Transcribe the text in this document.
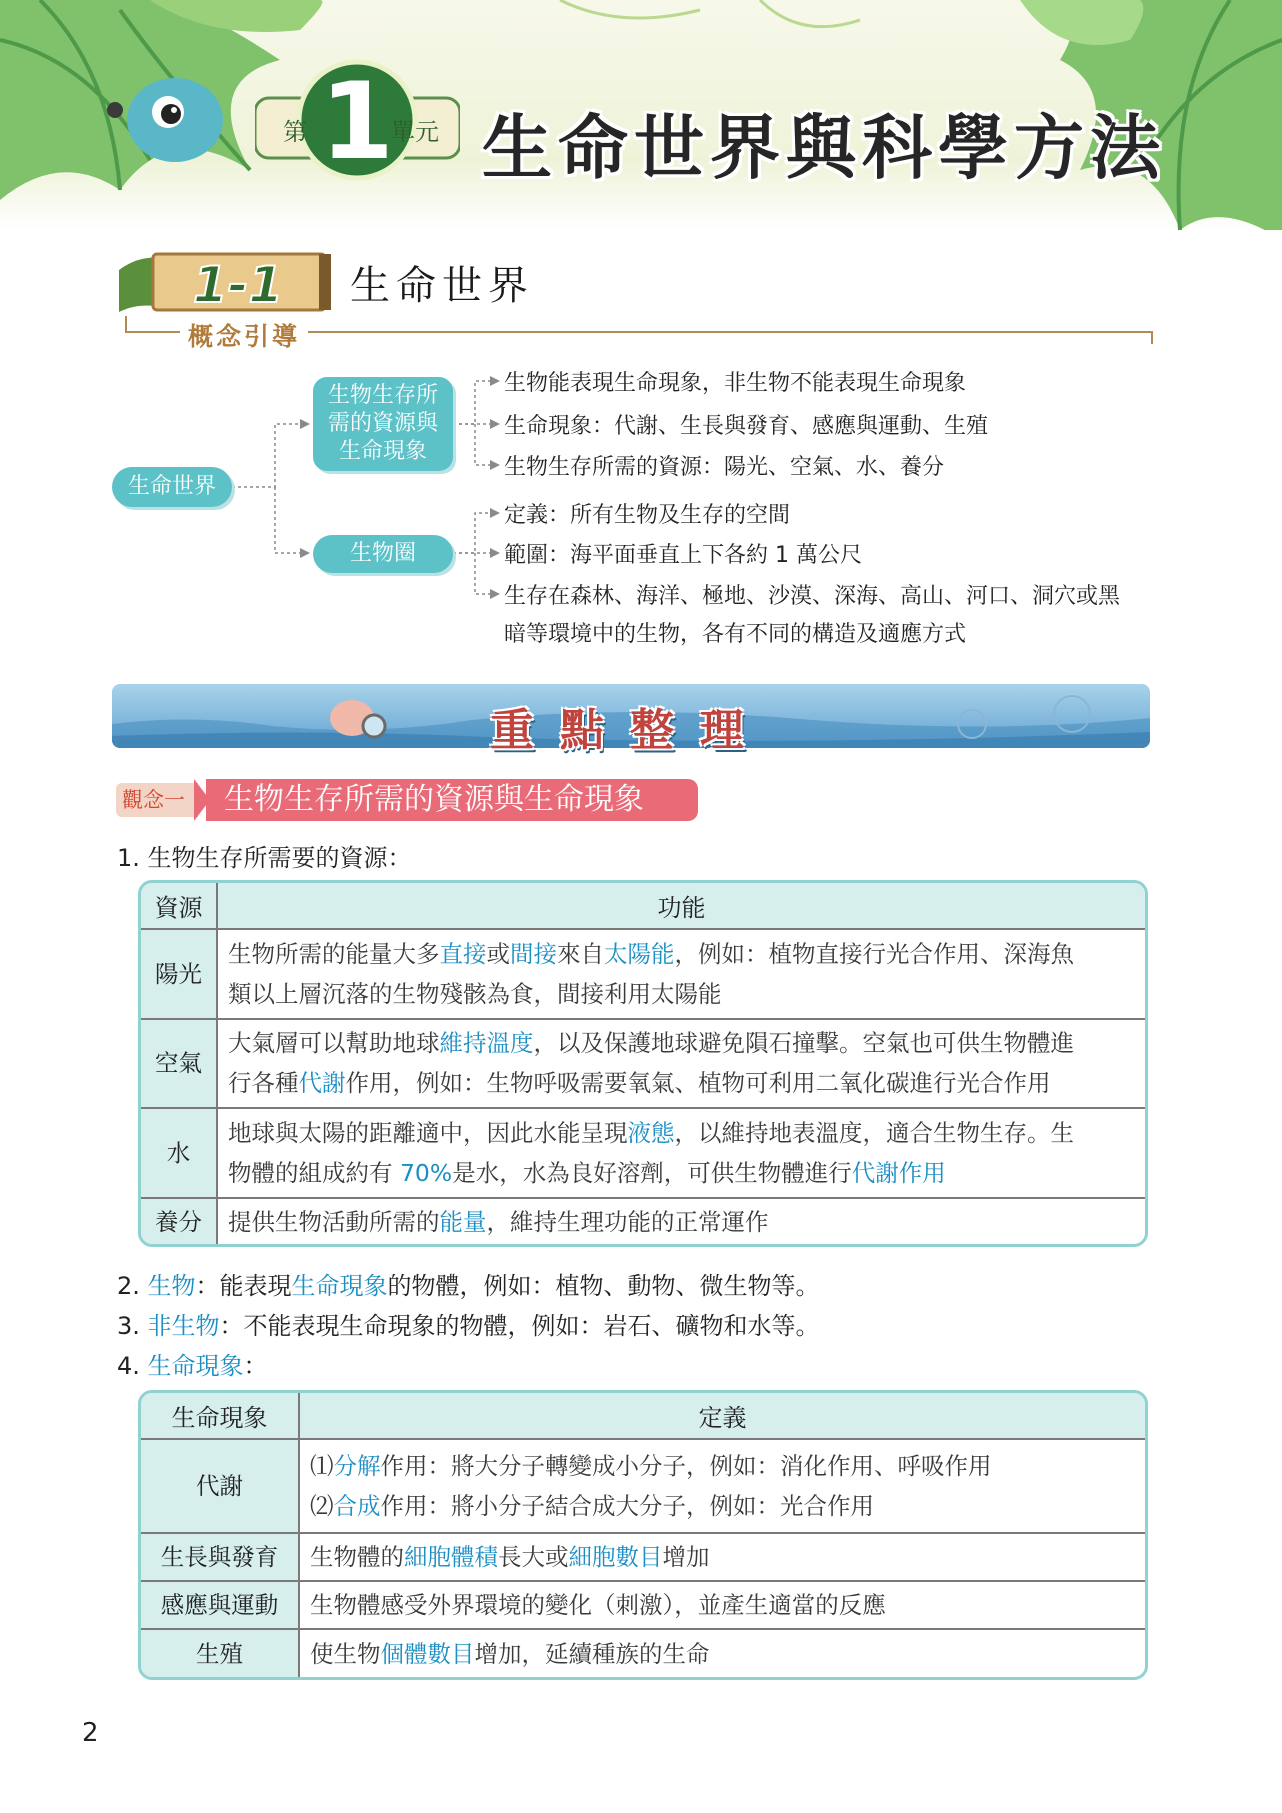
第 1
單元 生命世界與科學方法
1-1 生命世界
概念引導
生命世界
生物生存所需的資源與生命現象
生物圈
生物能表現生命現象，非生物不能表現生命現象
生命現象：代謝、生長與發育、感應與運動、生殖
生物生存所需的資源：陽光、空氣、水、養分
定義：所有生物及生存的空間
範圍：海平面垂直上下各約 1 萬公尺
生存在森林、海洋、極地、沙漠、深海、高山、河口、洞穴或黑
暗等環境中的生物，各有不同的構造及適應方式
重點整理
觀念一	生物生存所需的資源與生命現象
1. 生物生存所需要的資源：
資源	功能
陽光	生物所需的能量大多直接或間接來自太陽能，例如：植物直接行光合作用、深海魚
類以上層沉落的生物殘骸為食，間接利用太陽能
空氣	大氣層可以幫助地球維持溫度，以及保護地球避免隕石撞擊。空氣也可供生物體進
行各種代謝作用，例如：生物呼吸需要氧氣、植物可利用二氧化碳進行光合作用
水	地球與太陽的距離適中，因此水能呈現液態，以維持地表溫度，適合生物生存。生
物體的組成約有 70%是水，水為良好溶劑，可供生物體進行代謝作用
養分	提供生物活動所需的能量，維持生理功能的正常運作
2. 生物：能表現生命現象的物體，例如：植物、動物、微生物等。
3. 非生物：不能表現生命現象的物體，例如：岩石、礦物和水等。
4. 生命現象：
生命現象	定義
代謝	⑴分解作用：將大分子轉變成小分子，例如：消化作用、呼吸作用
⑵合成作用：將小分子結合成大分子，例如：光合作用
生長與發育	生物體的細胞體積長大或細胞數目增加
感應與運動	生物體感受外界環境的變化（刺激），並產生適當的反應
生殖	使生物個體數目增加，延續種族的生命
2
